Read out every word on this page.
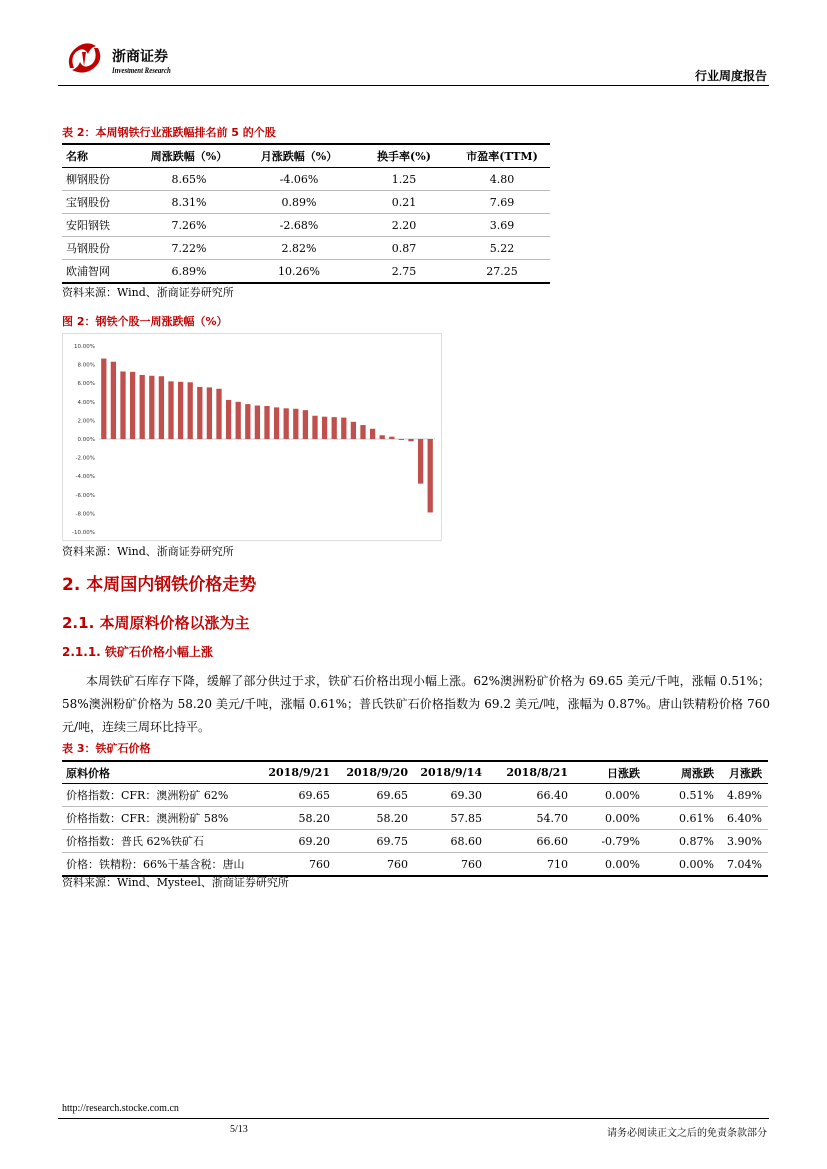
浙商证券
Investment Research	行业周度报告
表 2：本周钢铁行业涨跌幅排名前 5 的个股
名称	周涨跌幅（%）	月涨跌幅（%）	换手率(%)	市盈率(TTM)
柳钢股份	8.65%	-4.06%	1.25	4.80
宝钢股份	8.31%	0.89%	0.21	7.69
安阳钢铁	7.26%	-2.68%	2.20	3.69
马钢股份	7.22%	2.82%	0.87	5.22
欧浦智网	6.89%	10.26%	2.75	27.25
资料来源：Wind、浙商证券研究所
图 2：钢铁个股一周涨跌幅（%）
10.00%
8.00%
6.00%
4.00%
2.00%
0.00%
-2.00%
-4.00%
-6.00%
-8.00%
-10.00%
资料来源：Wind、浙商证券研究所
2. 本周国内钢铁价格走势
2.1. 本周原料价格以涨为主
2.1.1. 铁矿石价格小幅上涨
本周铁矿石库存下降，缓解了部分供过于求，铁矿石价格出现小幅上涨。62%澳洲粉矿价格为 69.65 美元/千吨，涨幅 0.51%；58%澳洲粉矿价格为 58.20 美元/千吨，涨幅 0.61%；普氏铁矿石价格指数为 69.2 美元/吨，涨幅为 0.87%。唐山铁精粉价格 760 元/吨，连续三周环比持平。
表 3：铁矿石价格
原料价格	2018/9/21	2018/9/20	2018/9/14	2018/8/21	日涨跌	周涨跌	月涨跌
价格指数：CFR：澳洲粉矿 62%	69.65	69.65	69.30	66.40	0.00%	0.51%	4.89%
价格指数：CFR：澳洲粉矿 58%	58.20	58.20	57.85	54.70	0.00%	0.61%	6.40%
价格指数：普氏 62%铁矿石	69.20	69.75	68.60	66.60	-0.79%	0.87%	3.90%
价格：铁精粉：66%干基含税：唐山	760	760	760	710	0.00%	0.00%	7.04%
资料来源：Wind、Mysteel、浙商证券研究所
http://research.stocke.com.cn
5/13	请务必阅读正文之后的免责条款部分
